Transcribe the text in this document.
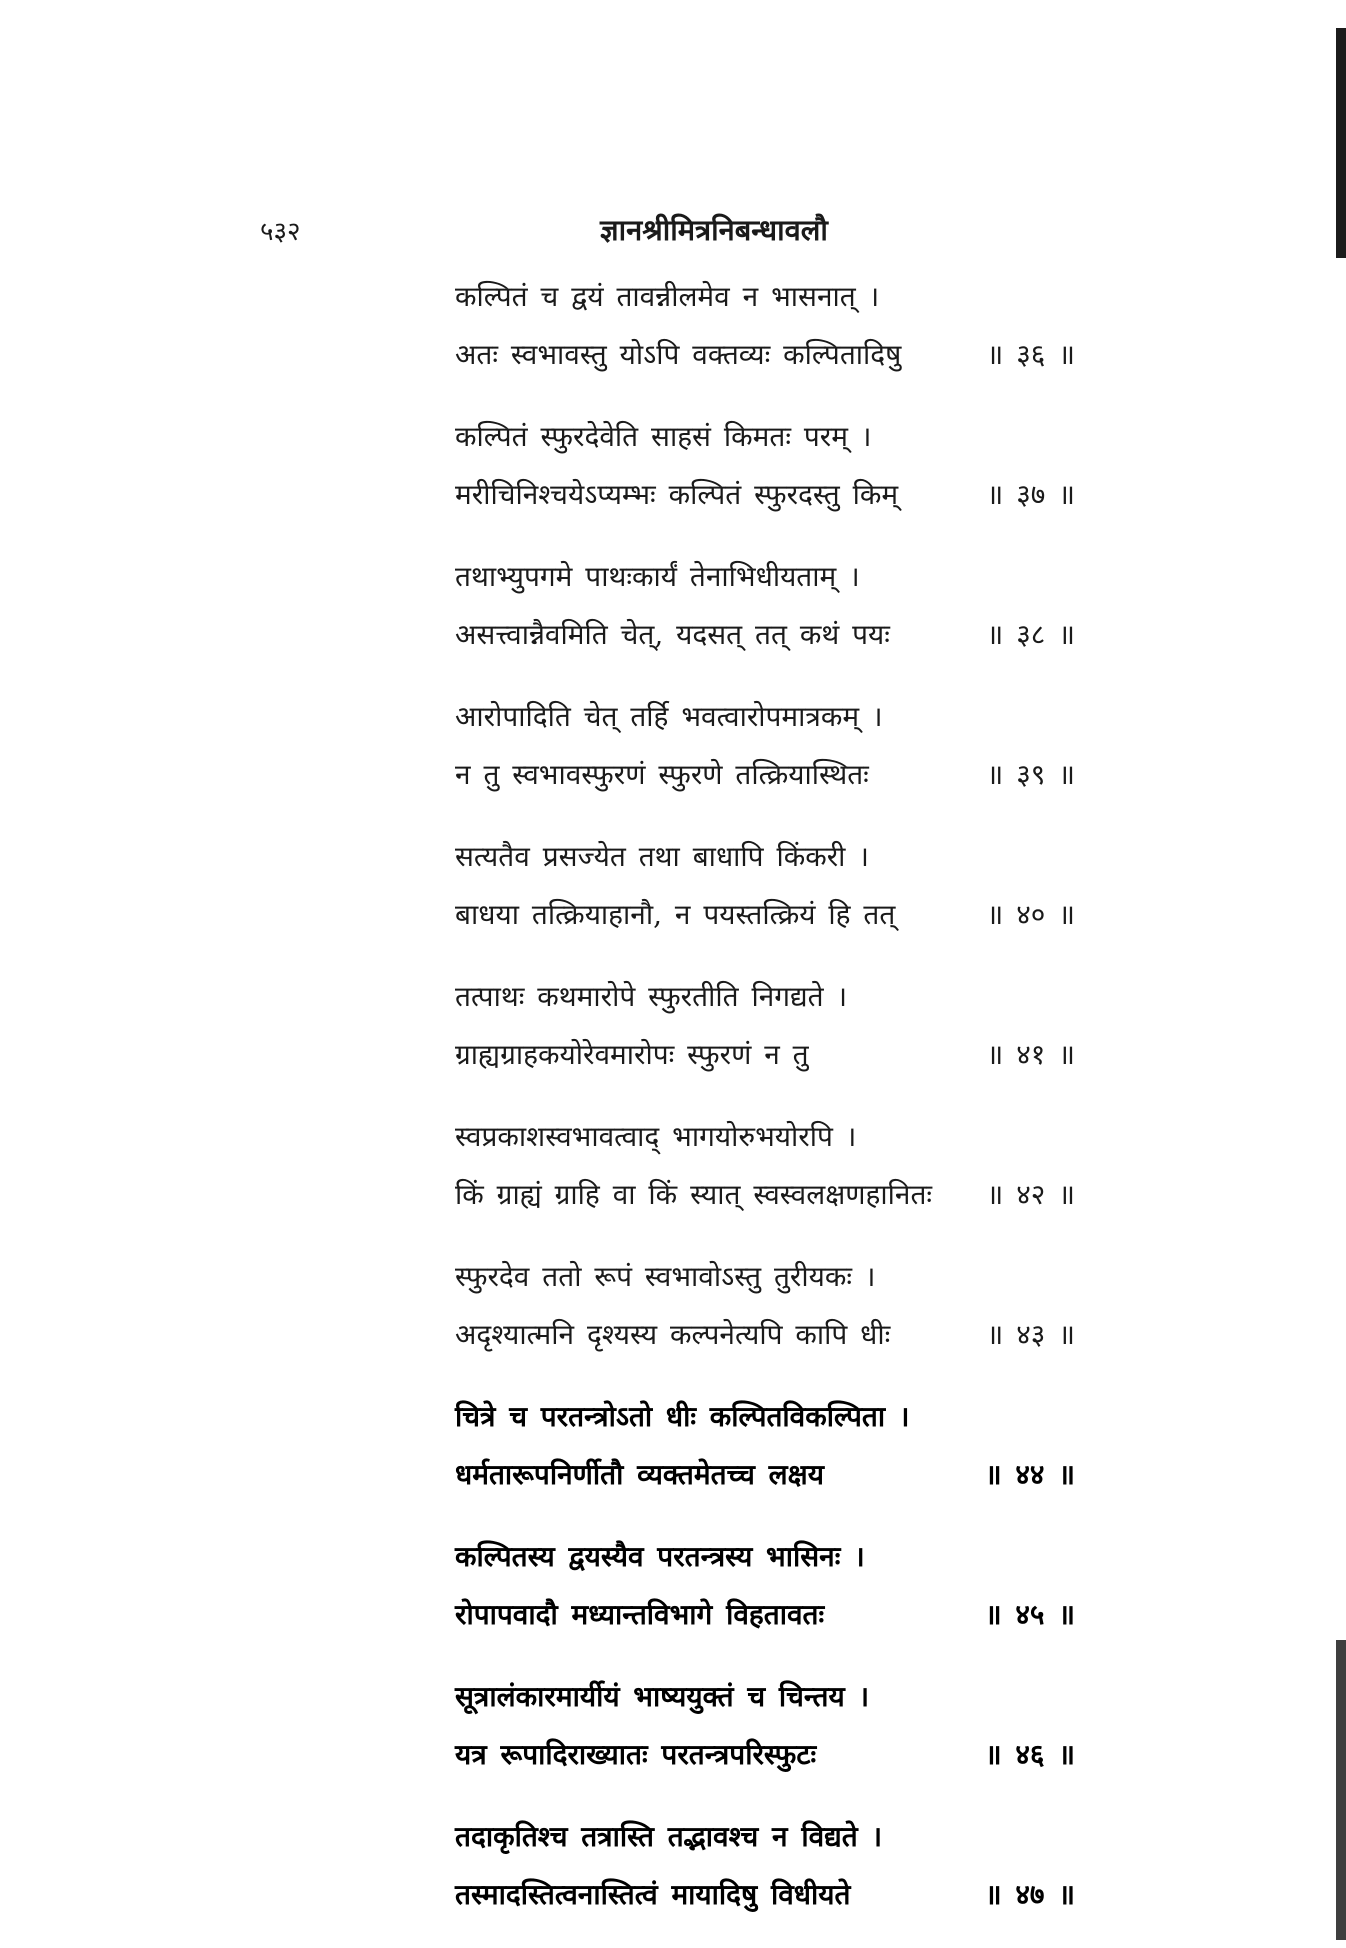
५३२	ज्ञानश्रीमित्रनिबन्धावलौ
कल्पितं च द्वयं तावन्नीलमेव न भासनात् ।
अतः स्वभावस्तु योऽपि वक्तव्यः कल्पितादिषु	॥ ३६ ॥
कल्पितं स्फुरदेवेति साहसं किमतः परम् ।
मरीचिनिश्चयेऽप्यम्भः कल्पितं स्फुरदस्तु किम्	॥ ३७ ॥
तथाभ्युपगमे पाथःकार्यं तेनाभिधीयताम् ।
असत्त्वान्नैवमिति चेत्, यदसत् तत् कथं पयः	॥ ३८ ॥
आरोपादिति चेत् तर्हि भवत्वारोपमात्रकम् ।
न तु स्वभावस्फुरणं स्फुरणे तत्क्रियास्थितः	॥ ३९ ॥
सत्यतैव प्रसज्येत तथा बाधापि किंकरी ।
बाधया तत्क्रियाहानौ, न पयस्तत्क्रियं हि तत्	॥ ४० ॥
तत्पाथः कथमारोपे स्फुरतीति निगद्यते ।
ग्राह्यग्राहकयोरेवमारोपः स्फुरणं न तु	॥ ४१ ॥
स्वप्रकाशस्वभावत्वाद् भागयोरुभयोरपि ।
किं ग्राह्यं ग्राहि वा किं स्यात् स्वस्वलक्षणहानितः	॥ ४२ ॥
स्फुरदेव ततो रूपं स्वभावोऽस्तु तुरीयकः ।
अदृश्यात्मनि दृश्यस्य कल्पनेत्यपि कापि धीः	॥ ४३ ॥
चित्रे च परतन्त्रोऽतो धीः कल्पितविकल्पिता ।
धर्मतारूपनिर्णीतौ व्यक्तमेतच्च लक्षय	॥ ४४ ॥
कल्पितस्य द्वयस्यैव परतन्त्रस्य भासिनः ।
रोपापवादौ मध्यान्तविभागे विहतावतः	॥ ४५ ॥
सूत्रालंकारमार्यीयं भाष्ययुक्तं च चिन्तय ।
यत्र रूपादिराख्यातः परतन्त्रपरिस्फुटः	॥ ४६ ॥
तदाकृतिश्च तत्रास्ति तद्भावश्च न विद्यते ।
तस्मादस्तित्वनास्तित्वं मायादिषु विधीयते	॥ ४७ ॥
